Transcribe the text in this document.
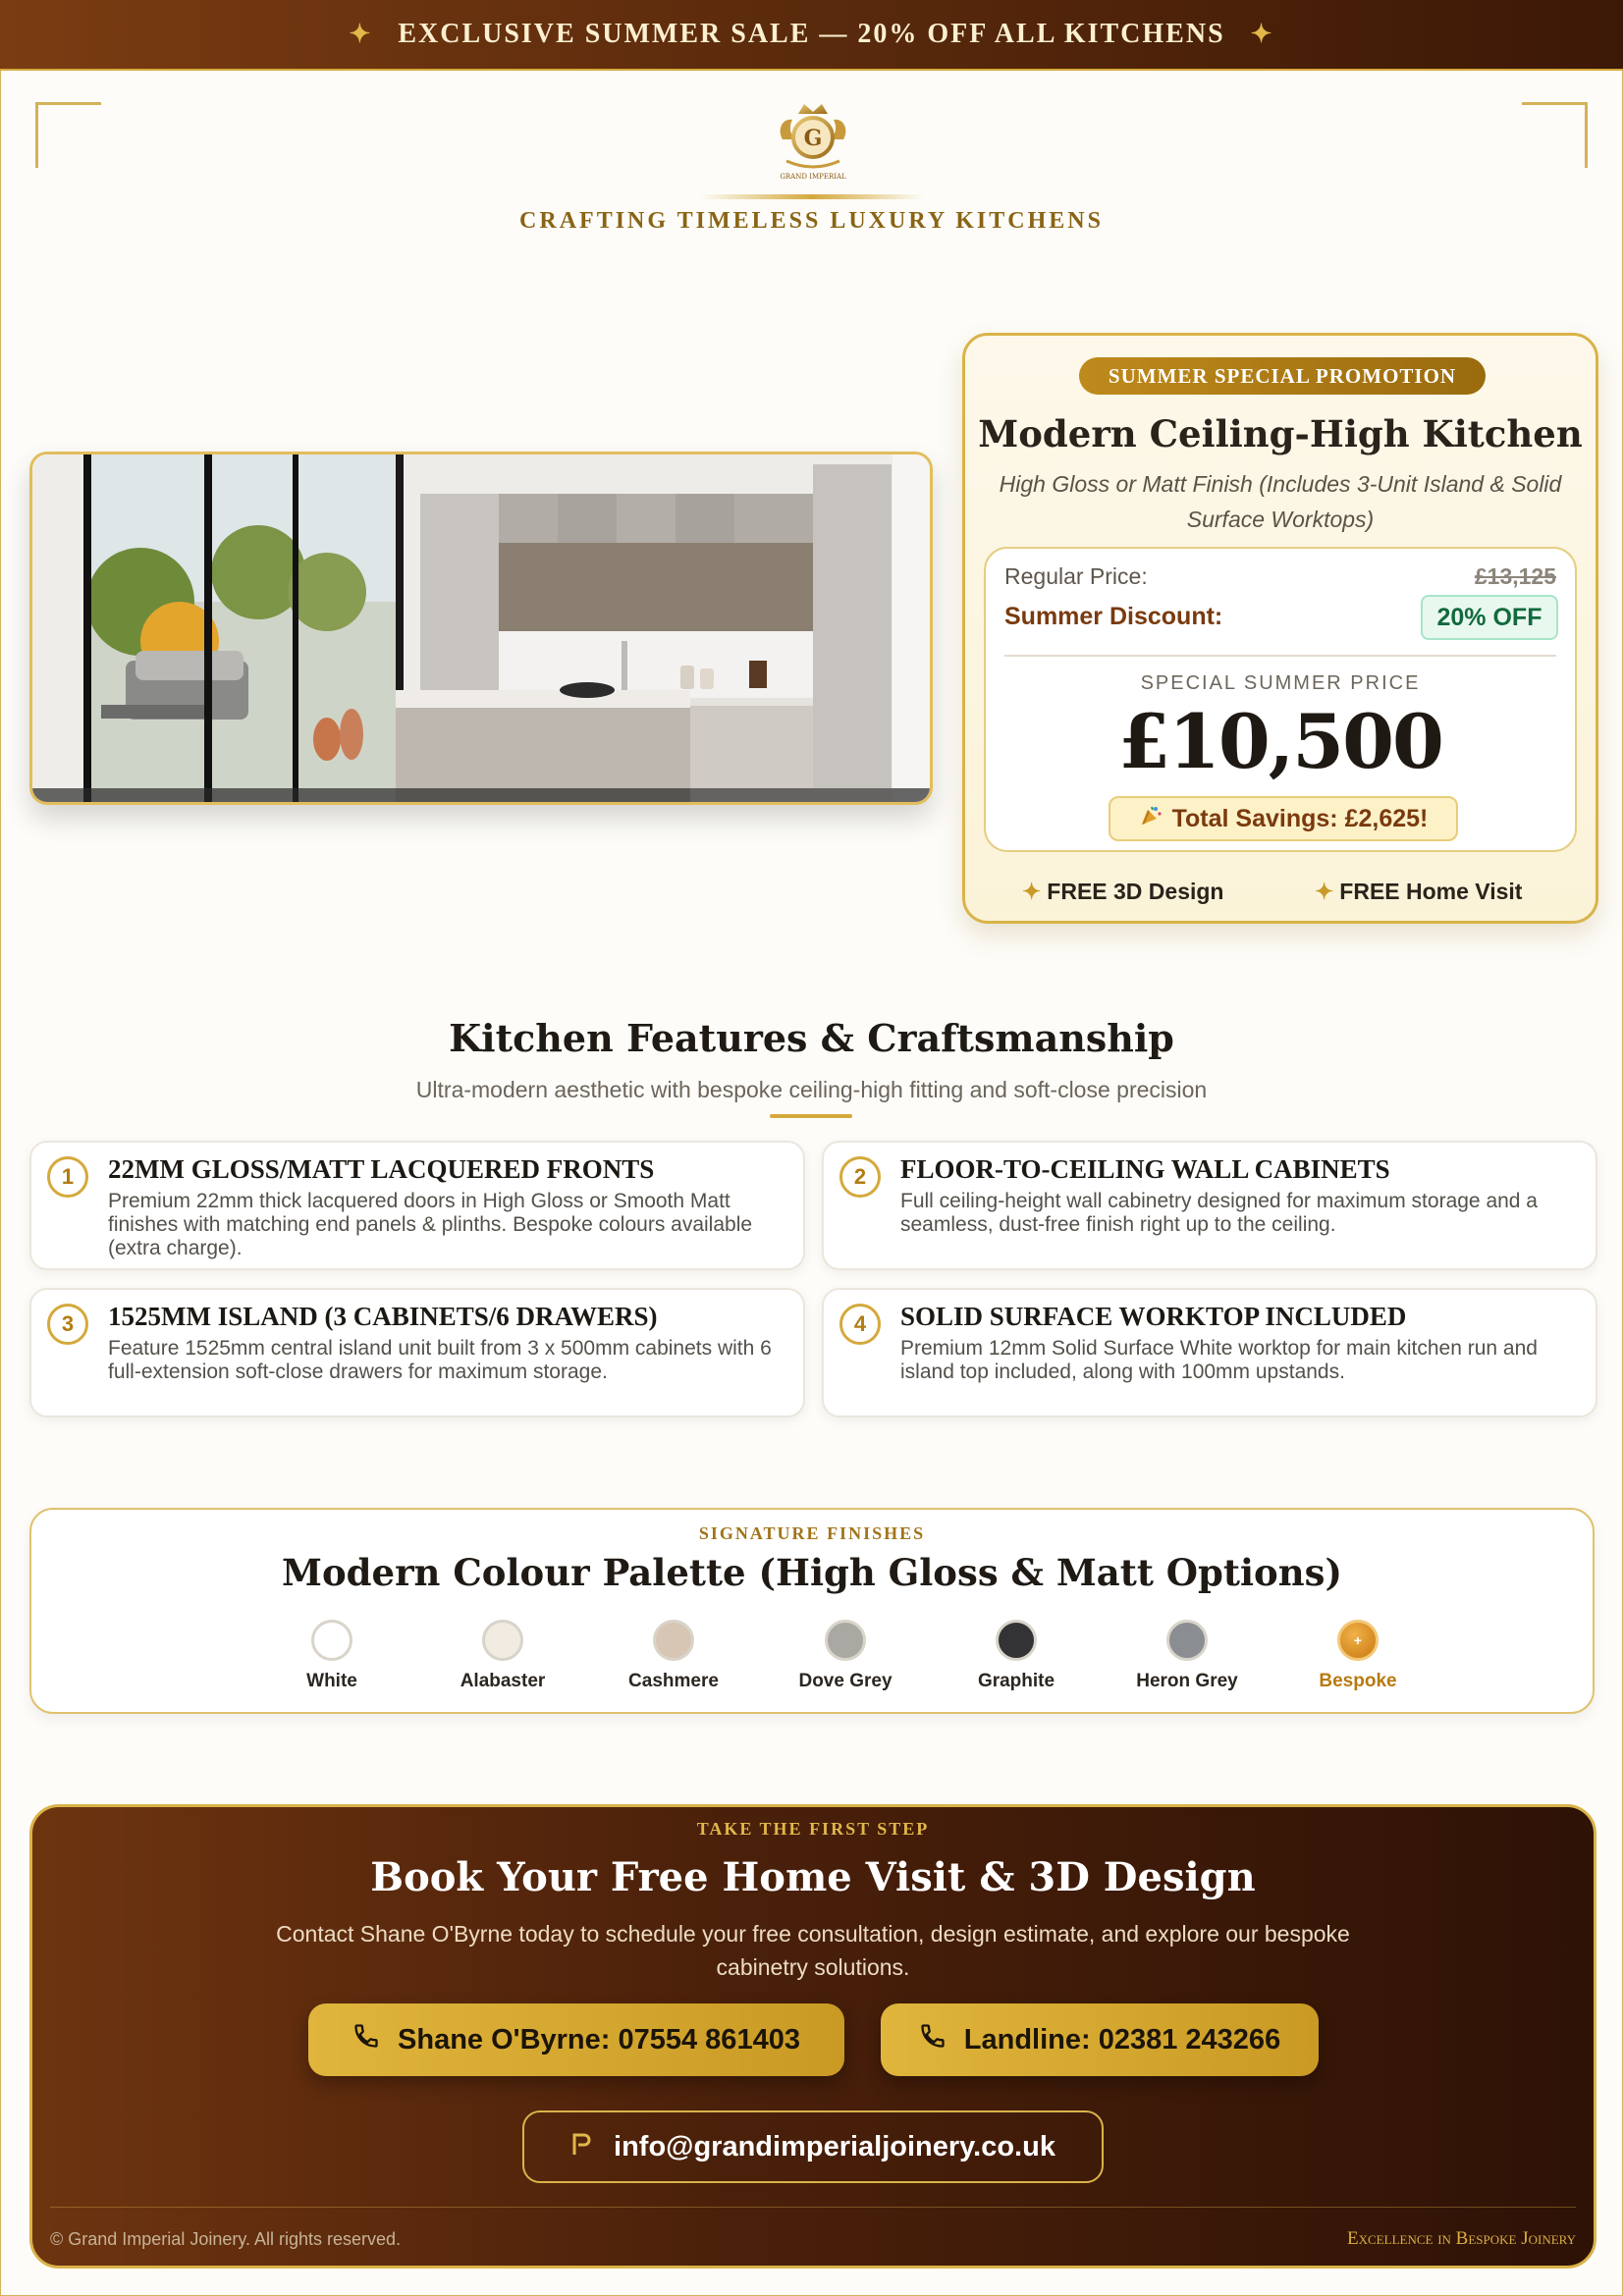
✦ EXCLUSIVE SUMMER SALE — 20% OFF ALL KITCHENS ✦
G
GRAND IMPERIAL
CRAFTING TIMELESS LUXURY KITCHENS
SUMMER SPECIAL PROMOTION
Modern Ceiling-High Kitchen
High Gloss or Matt Finish (Includes 3-Unit Island & Solid Surface Worktops)
Regular Price:	£13,125
Summer Discount:	20% OFF
SPECIAL SUMMER PRICE
£10,500
Total Savings: £2,625!
✦ FREE 3D Design	✦ FREE Home Visit
Kitchen Features & Craftsmanship
Ultra-modern aesthetic with bespoke ceiling-high fitting and soft-close precision
1	22MM GLOSS/MATT LACQUERED FRONTS
Premium 22mm thick lacquered doors in High Gloss or Smooth Matt finishes with matching end panels & plinths. Bespoke colours available (extra charge).
2	FLOOR-TO-CEILING WALL CABINETS
Full ceiling-height wall cabinetry designed for maximum storage and a seamless, dust-free finish right up to the ceiling.
3	1525MM ISLAND (3 CABINETS/6 DRAWERS)
Feature 1525mm central island unit built from 3 x 500mm cabinets with 6 full-extension soft-close drawers for maximum storage.
4	SOLID SURFACE WORKTOP INCLUDED
Premium 12mm Solid Surface White worktop for main kitchen run and island top included, along with 100mm upstands.
SIGNATURE FINISHES
Modern Colour Palette (High Gloss & Matt Options)
White	Alabaster	Cashmere	Dove Grey	Graphite	Heron Grey
+
Bespoke
TAKE THE FIRST STEP
Book Your Free Home Visit & 3D Design
Contact Shane O'Byrne today to schedule your free consultation, design estimate, and explore our bespoke cabinetry solutions.
Shane O'Byrne: 07554 861403	Landline: 02381 243266
info@grandimperialjoinery.co.uk
© Grand Imperial Joinery. All rights reserved.	Excellence in Bespoke Joinery
